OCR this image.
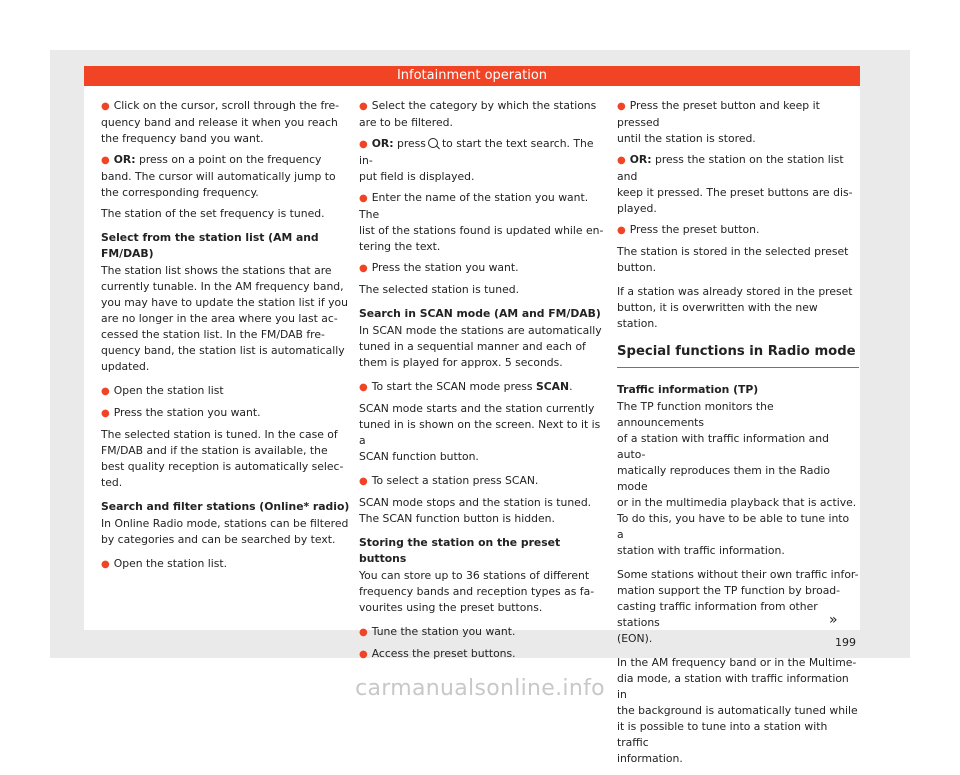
Infotainment operation
● Click on the cursor, scroll through the fre-
quency band and release it when you reach
the frequency band you want.
● OR: press on a point on the frequency
band. The cursor will automatically jump to
the corresponding frequency.

The station of the set frequency is tuned.

Select from the station list (AM and
FM/DAB)

The station list shows the stations that are
currently tunable. In the AM frequency band,
you may have to update the station list if you
are no longer in the area where you last ac-
cessed the station list. In the FM/DAB fre-
quency band, the station list is automatically
updated.

● Open the station list
● Press the station you want.

The selected station is tuned. In the case of
FM/DAB and if the station is available, the
best quality reception is automatically selec-
ted.

Search and filter stations (Online* radio)

In Online Radio mode, stations can be filtered
by categories and can be searched by text.

● Open the station list.
● Select the category by which the stations
are to be filtered.
● OR: press to start the text search. The in-
put field is displayed.
● Enter the name of the station you want. The
list of the stations found is updated while en-
tering the text.
● Press the station you want.

The selected station is tuned.

Search in SCAN mode (AM and FM/DAB)

In SCAN mode the stations are automatically
tuned in a sequential manner and each of
them is played for approx. 5 seconds.

● To start the SCAN mode press SCAN.

SCAN mode starts and the station currently
tuned in is shown on the screen. Next to it is a
SCAN function button.

● To select a station press SCAN.

SCAN mode stops and the station is tuned.
The SCAN function button is hidden.

Storing the station on the preset buttons

You can store up to 36 stations of different
frequency bands and reception types as fa-
vourites using the preset buttons.

● Tune the station you want.
● Access the preset buttons.
● Press the preset button and keep it pressed
until the station is stored.
● OR: press the station on the station list and
keep it pressed. The preset buttons are dis-
played.
● Press the preset button.

The station is stored in the selected preset
button.

If a station was already stored in the preset
button, it is overwritten with the new station.

Special functions in Radio mode

Traffic information (TP)

The TP function monitors the announcements
of a station with traffic information and auto-
matically reproduces them in the Radio mode
or in the multimedia playback that is active.
To do this, you have to be able to tune into a
station with traffic information.

Some stations without their own traffic infor-
mation support the TP function by broad-
casting traffic information from other stations
(EON).

In the AM frequency band or in the Multime-
dia mode, a station with traffic information in
the background is automatically tuned while
it is possible to tune into a station with traffic
information.

»
199
carmanualsonline.info
